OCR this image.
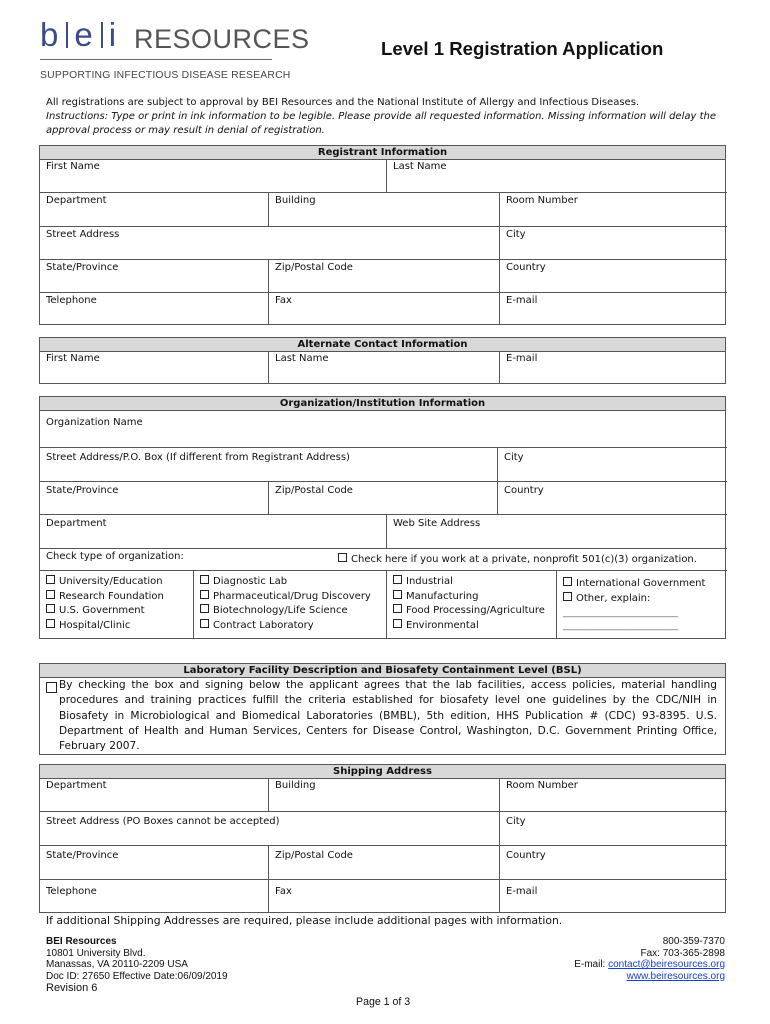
b e i RESOURCES
SUPPORTING INFECTIOUS DISEASE RESEARCH
Level 1 Registration Application
All registrations are subject to approval by BEI Resources and the National Institute of Allergy and Infectious Diseases.
Instructions: Type or print in ink information to be legible. Please provide all requested information. Missing information will delay the approval process or may result in denial of registration.
Registrant Information
First Name	Last Name
Department	Building	Room Number
Street Address	City
State/Province	Zip/Postal Code	Country
Telephone	Fax	E-mail
Alternate Contact Information
First Name	Last Name	E-mail
Organization/Institution Information
Organization Name
Street Address/P.O. Box (If different from Registrant Address)	City
State/Province	Zip/Postal Code	Country
Department	Web Site Address
Check type of organization:	Check here if you work at a private, nonprofit 501(c)(3) organization.
University/Education
Research Foundation
U.S. Government
Hospital/Clinic
Diagnostic Lab
Pharmaceutical/Drug Discovery
Biotechnology/Life Science
Contract Laboratory
Industrial
Manufacturing
Food Processing/Agriculture
Environmental
International Government
Other, explain:
_______________________
_______________________
Laboratory Facility Description and Biosafety Containment Level (BSL)
By checking the box and signing below the applicant agrees that the lab facilities, access policies, material handling procedures and training practices fulfill the criteria established for biosafety level one guidelines by the CDC/NIH in Biosafety in Microbiological and Biomedical Laboratories (BMBL), 5th edition, HHS Publication # (CDC) 93-8395. U.S. Department of Health and Human Services, Centers for Disease Control, Washington, D.C. Government Printing Office, February 2007.
Shipping Address
Department	Building	Room Number
Street Address (PO Boxes cannot be accepted)	City
State/Province	Zip/Postal Code	Country
Telephone	Fax	E-mail
If additional Shipping Addresses are required, please include additional pages with information.
BEI Resources
10801 University Blvd.
Manassas, VA 20110-2209 USA
Doc ID: 27650 Effective Date:06/09/2019
Revision 6
800-359-7370
Fax: 703-365-2898
E-mail: contact@beiresources.org
www.beiresources.org
Page 1 of 3
